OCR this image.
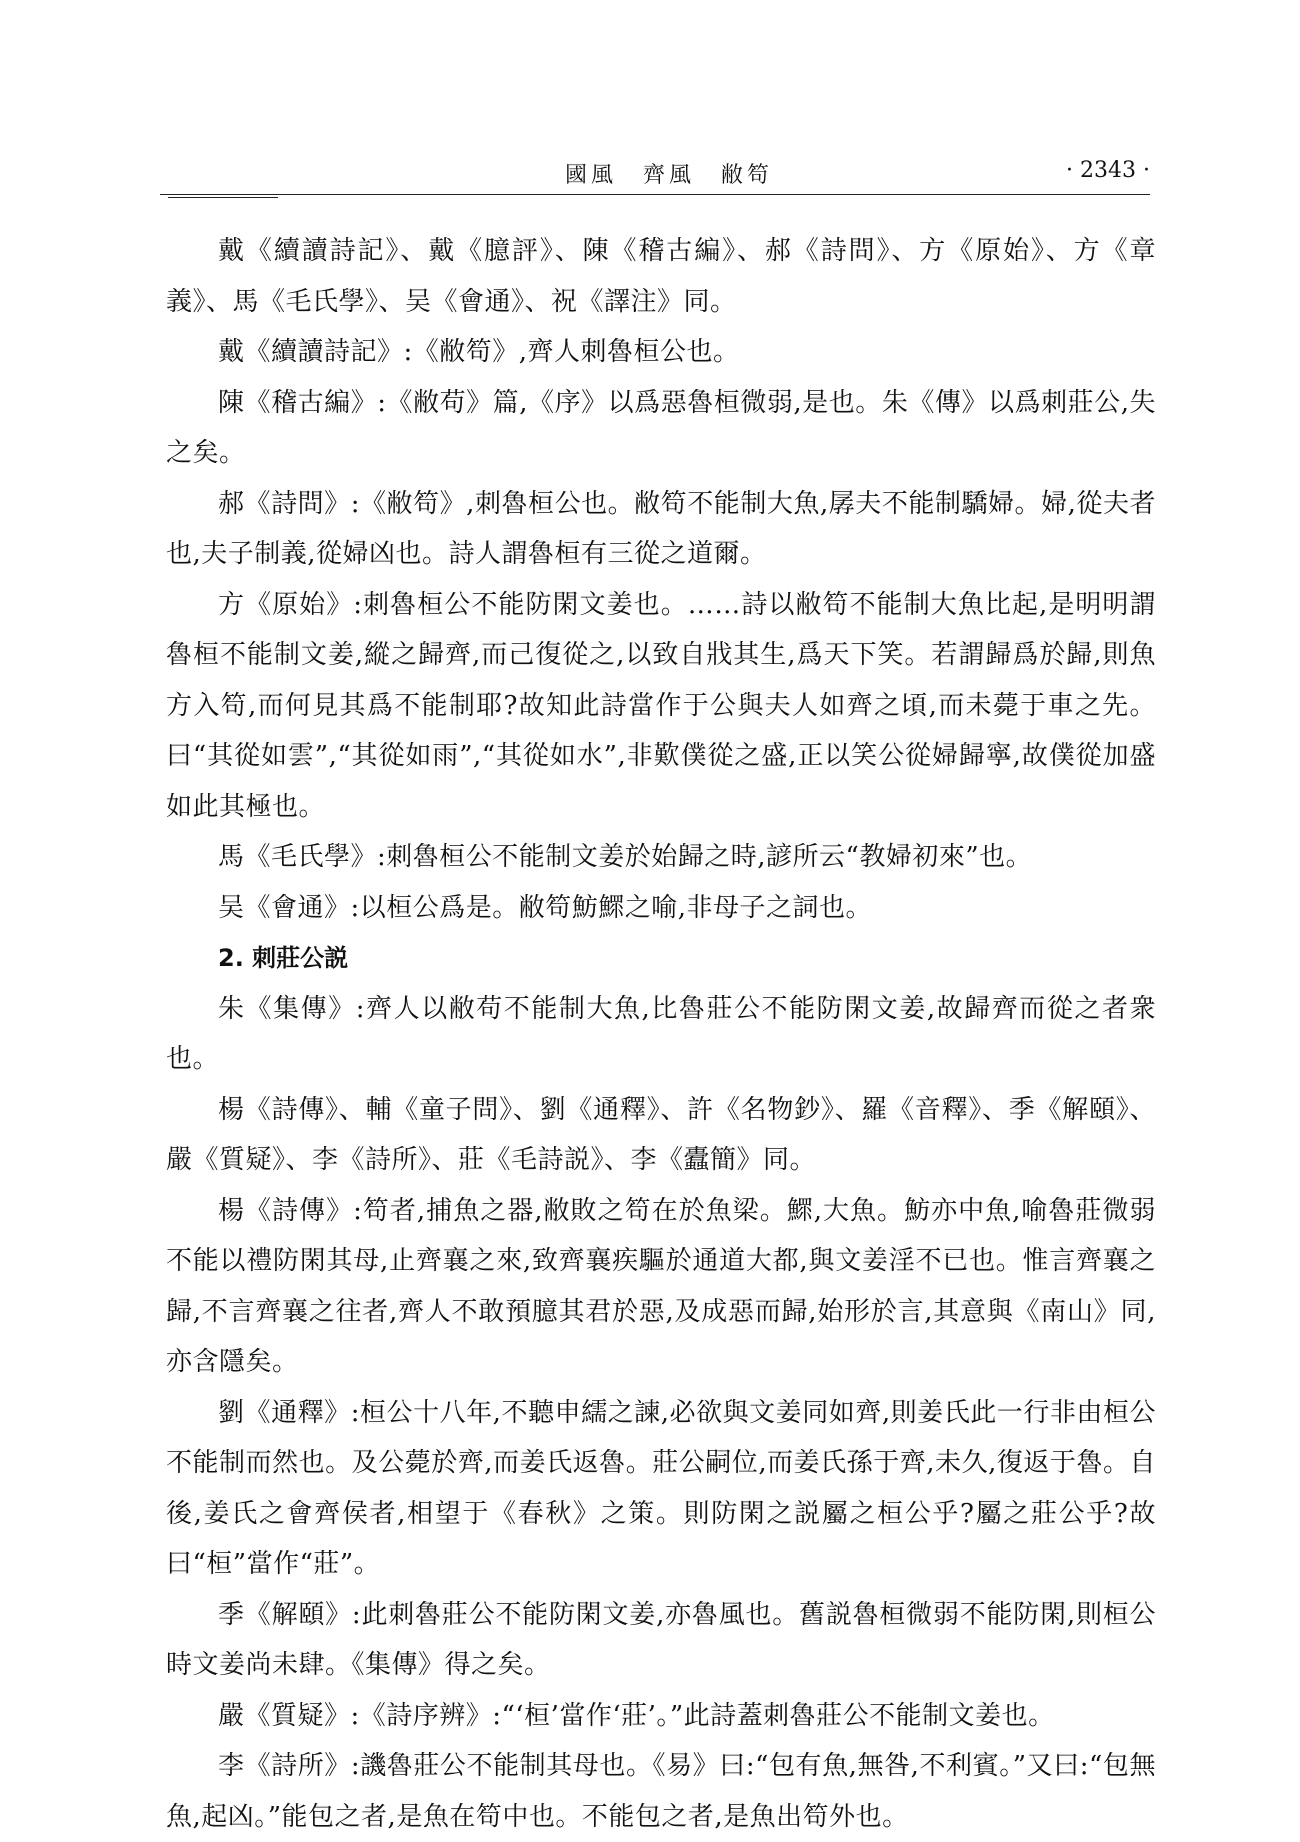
國風　齊風　敝笱	· 2343 ·

戴《續讀詩記》、戴《臆評》、陳《稽古編》、郝《詩問》、方《原始》、方《章義》、馬《毛氏學》、吴《會通》、祝《譯注》同。

戴《續讀詩記》:《敝笱》,齊人刺魯桓公也。

陳《稽古編》:《敝苟》篇,《序》以爲惡魯桓微弱,是也。朱《傳》以爲刺莊公,失之矣。

郝《詩問》:《敝笱》,刺魯桓公也。敝笱不能制大魚,孱夫不能制驕婦。婦,從夫者也,夫子制義,從婦凶也。詩人謂魯桓有三從之道爾。

方《原始》:刺魯桓公不能防閑文姜也。……詩以敝笱不能制大魚比起,是明明謂魯桓不能制文姜,縱之歸齊,而己復從之,以致自戕其生,爲天下笑。若謂歸爲於歸,則魚方入笱,而何見其爲不能制耶?故知此詩當作于公與夫人如齊之頃,而未薨于車之先。曰“其從如雲”,“其從如雨”,“其從如水”,非歎僕從之盛,正以笑公從婦歸寧,故僕從加盛如此其極也。

馬《毛氏學》:刺魯桓公不能制文姜於始歸之時,諺所云“教婦初來”也。

吴《會通》:以桓公爲是。敝笱魴鰥之喻,非母子之詞也。

2. 刺莊公説

朱《集傳》:齊人以敝苟不能制大魚,比魯莊公不能防閑文姜,故歸齊而從之者衆也。

楊《詩傳》、輔《童子問》、劉《通釋》、許《名物鈔》、羅《音釋》、季《解頤》、嚴《質疑》、李《詩所》、莊《毛詩説》、李《蠹簡》同。

楊《詩傳》:笱者,捕魚之器,敝敗之笱在於魚梁。鰥,大魚。魴亦中魚,喻魯莊微弱不能以禮防閑其母,止齊襄之來,致齊襄疾驅於通道大都,與文姜淫不已也。惟言齊襄之歸,不言齊襄之往者,齊人不敢預臆其君於惡,及成惡而歸,始形於言,其意與《南山》同,亦含隱矣。

劉《通釋》:桓公十八年,不聽申繻之諫,必欲與文姜同如齊,則姜氏此一行非由桓公不能制而然也。及公薨於齊,而姜氏返魯。莊公嗣位,而姜氏孫于齊,未久,復返于魯。自後,姜氏之會齊侯者,相望于《春秋》之策。則防閑之説屬之桓公乎?屬之莊公乎?故曰“桓”當作“莊”。

季《解頤》:此刺魯莊公不能防閑文姜,亦魯風也。舊説魯桓微弱不能防閑,則桓公時文姜尚未肆。《集傳》得之矣。

嚴《質疑》:《詩序辨》:“‘桓’當作‘莊’。”此詩蓋刺魯莊公不能制文姜也。

李《詩所》:譏魯莊公不能制其母也。《易》曰:“包有魚,無咎,不利賓。”又曰:“包無魚,起凶。”能包之者,是魚在笱中也。不能包之者,是魚出笱外也。
